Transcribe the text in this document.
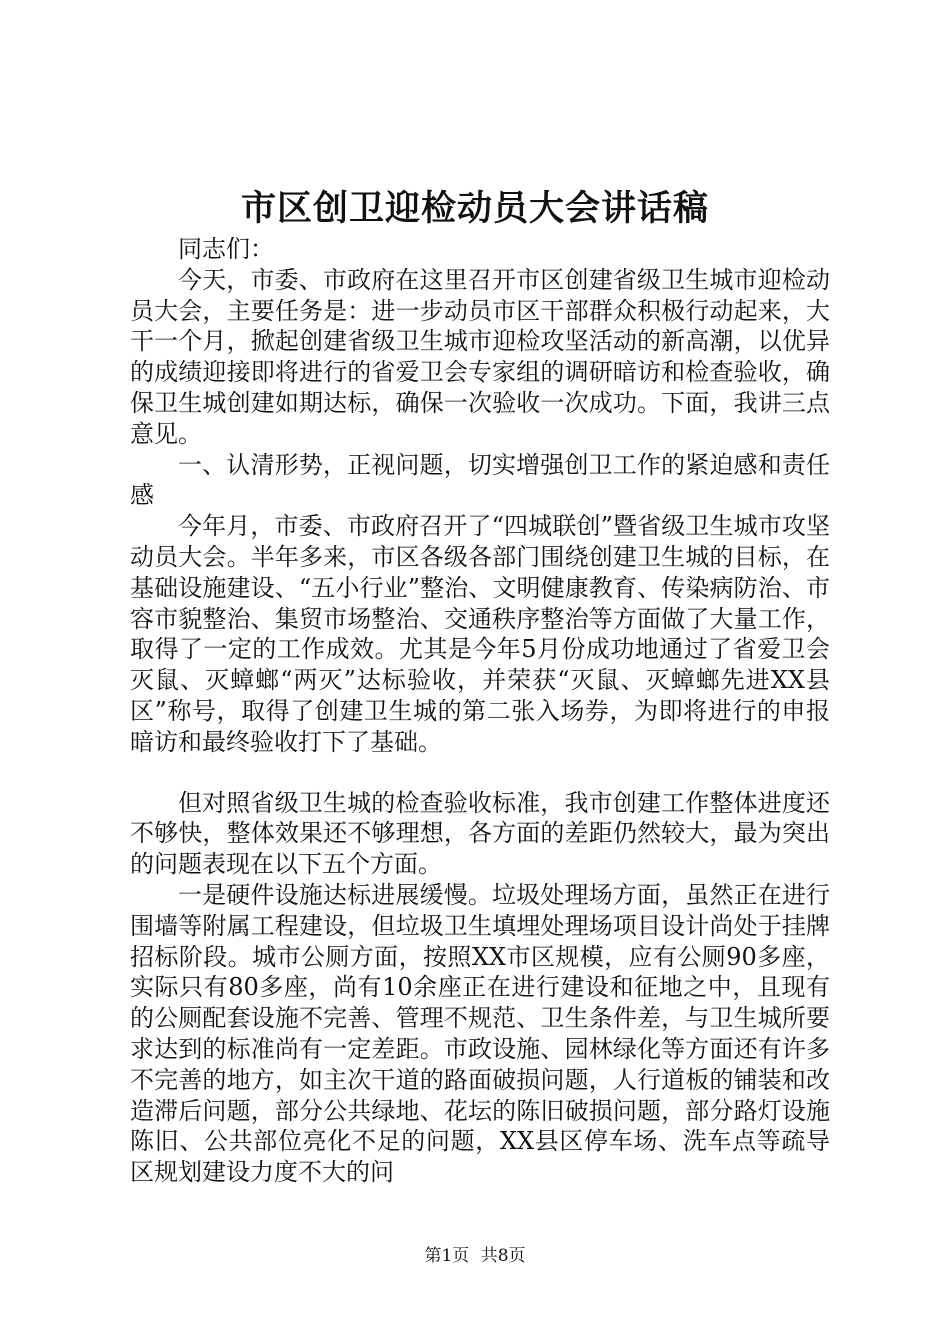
市区创卫迎检动员大会讲话稿

同志们：

今天，市委、市政府在这里召开市区创建省级卫生城市迎检动员大会，主要任务是：进一步动员市区干部群众积极行动起来，大干一个月，掀起创建省级卫生城市迎检攻坚活动的新高潮，以优异的成绩迎接即将进行的省爱卫会专家组的调研暗访和检查验收，确保卫生城创建如期达标，确保一次验收一次成功。下面，我讲三点意见。

一、认清形势，正视问题，切实增强创卫工作的紧迫感和责任感

今年月，市委、市政府召开了“四城联创”暨省级卫生城市攻坚动员大会。半年多来，市区各级各部门围绕创建卫生城的目标，在基础设施建设、“五小行业”整治、文明健康教育、传染病防治、市容市貌整治、集贸市场整治、交通秩序整治等方面做了大量工作，取得了一定的工作成效。尤其是今年5月份成功地通过了省爱卫会灭鼠、灭蟑螂“两灭”达标验收，并荣获“灭鼠、灭蟑螂先进XX县区”称号，取得了创建卫生城的第二张入场券，为即将进行的申报暗访和最终验收打下了基础。

但对照省级卫生城的检查验收标准，我市创建工作整体进度还不够快，整体效果还不够理想，各方面的差距仍然较大，最为突出的问题表现在以下五个方面。

一是硬件设施达标进展缓慢。垃圾处理场方面，虽然正在进行围墙等附属工程建设，但垃圾卫生填埋处理场项目设计尚处于挂牌招标阶段。城市公厕方面，按照XX市区规模，应有公厕90多座，实际只有80多座，尚有10余座正在进行建设和征地之中，且现有的公厕配套设施不完善、管理不规范、卫生条件差，与卫生城所要求达到的标准尚有一定差距。市政设施、园林绿化等方面还有许多不完善的地方，如主次干道的路面破损问题，人行道板的铺装和改造滞后问题，部分公共绿地、花坛的陈旧破损问题，部分路灯设施陈旧、公共部位亮化不足的问题，XX县区停车场、洗车点等疏导区规划建设力度不大的问

第1页 共8页
